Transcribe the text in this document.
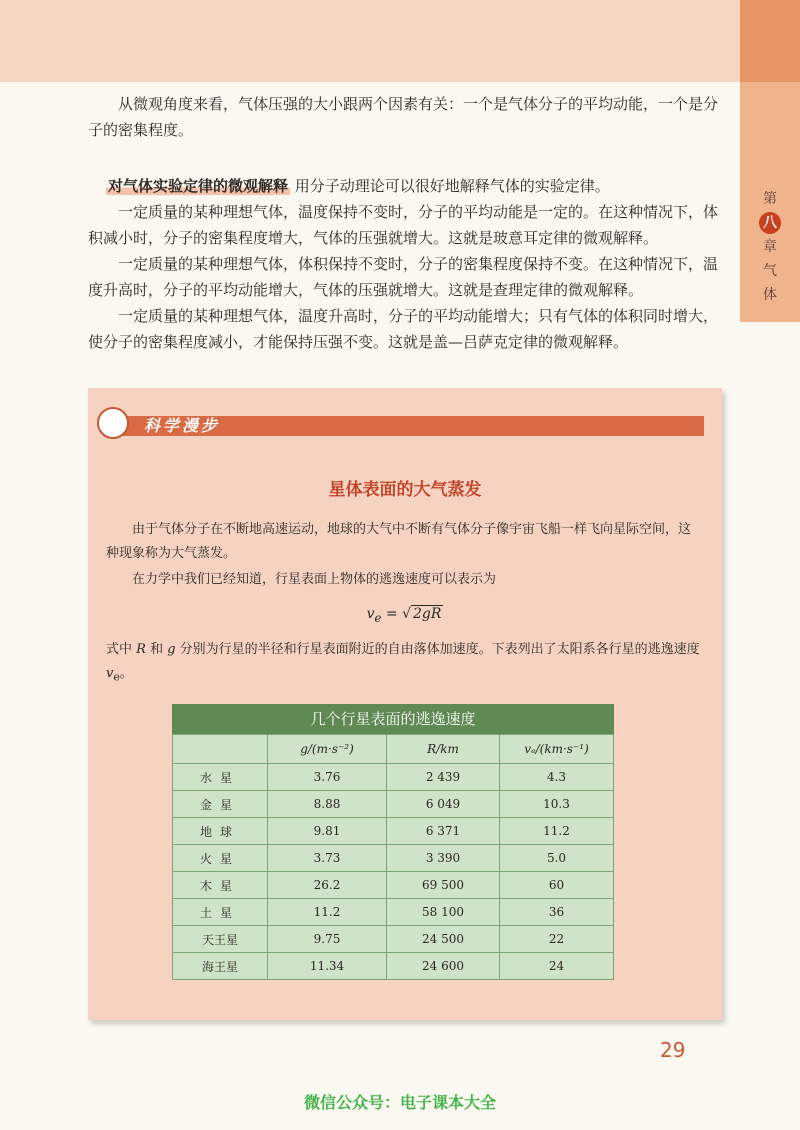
第
八
章
气
体

从微观角度来看，气体压强的大小跟两个因素有关：一个是气体分子的平均动能，一个是分子的密集程度。

对气体实验定律的微观解释 用分子动理论可以很好地解释气体的实验定律。

一定质量的某种理想气体，温度保持不变时，分子的平均动能是一定的。在这种情况下，体积减小时，分子的密集程度增大，气体的压强就增大。这就是玻意耳定律的微观解释。

一定质量的某种理想气体，体积保持不变时，分子的密集程度保持不变。在这种情况下，温度升高时，分子的平均动能增大，气体的压强就增大。这就是查理定律的微观解释。

一定质量的某种理想气体，温度升高时，分子的平均动能增大；只有气体的体积同时增大，使分子的密集程度减小，才能保持压强不变。这就是盖—吕萨克定律的微观解释。

科学漫步
星体表面的大气蒸发

由于气体分子在不断地高速运动，地球的大气中不断有气体分子像宇宙飞船一样飞向星际空间，这种现象称为大气蒸发。

在力学中我们已经知道，行星表面上物体的逃逸速度可以表示为

$v_e$ = √ 2gR

式中 R 和 g 分别为行星的半径和行星表面附近的自由落体加速度。下表列出了太阳系各行星的逃逸速度 $v_e$。

几个行星表面的逃逸速度
	g/(m·s⁻²)	R/km	vₑ/(km·s⁻¹)
水星	3.76	2 439	4.3
金星	8.88	6 049	10.3
地球	9.81	6 371	11.2
火星	3.73	3 390	5.0
木星	26.2	69 500	60
土星	11.2	58 100	36
天王星	9.75	24 500	22
海王星	11.34	24 600	24
29
微信公众号：电子课本大全
